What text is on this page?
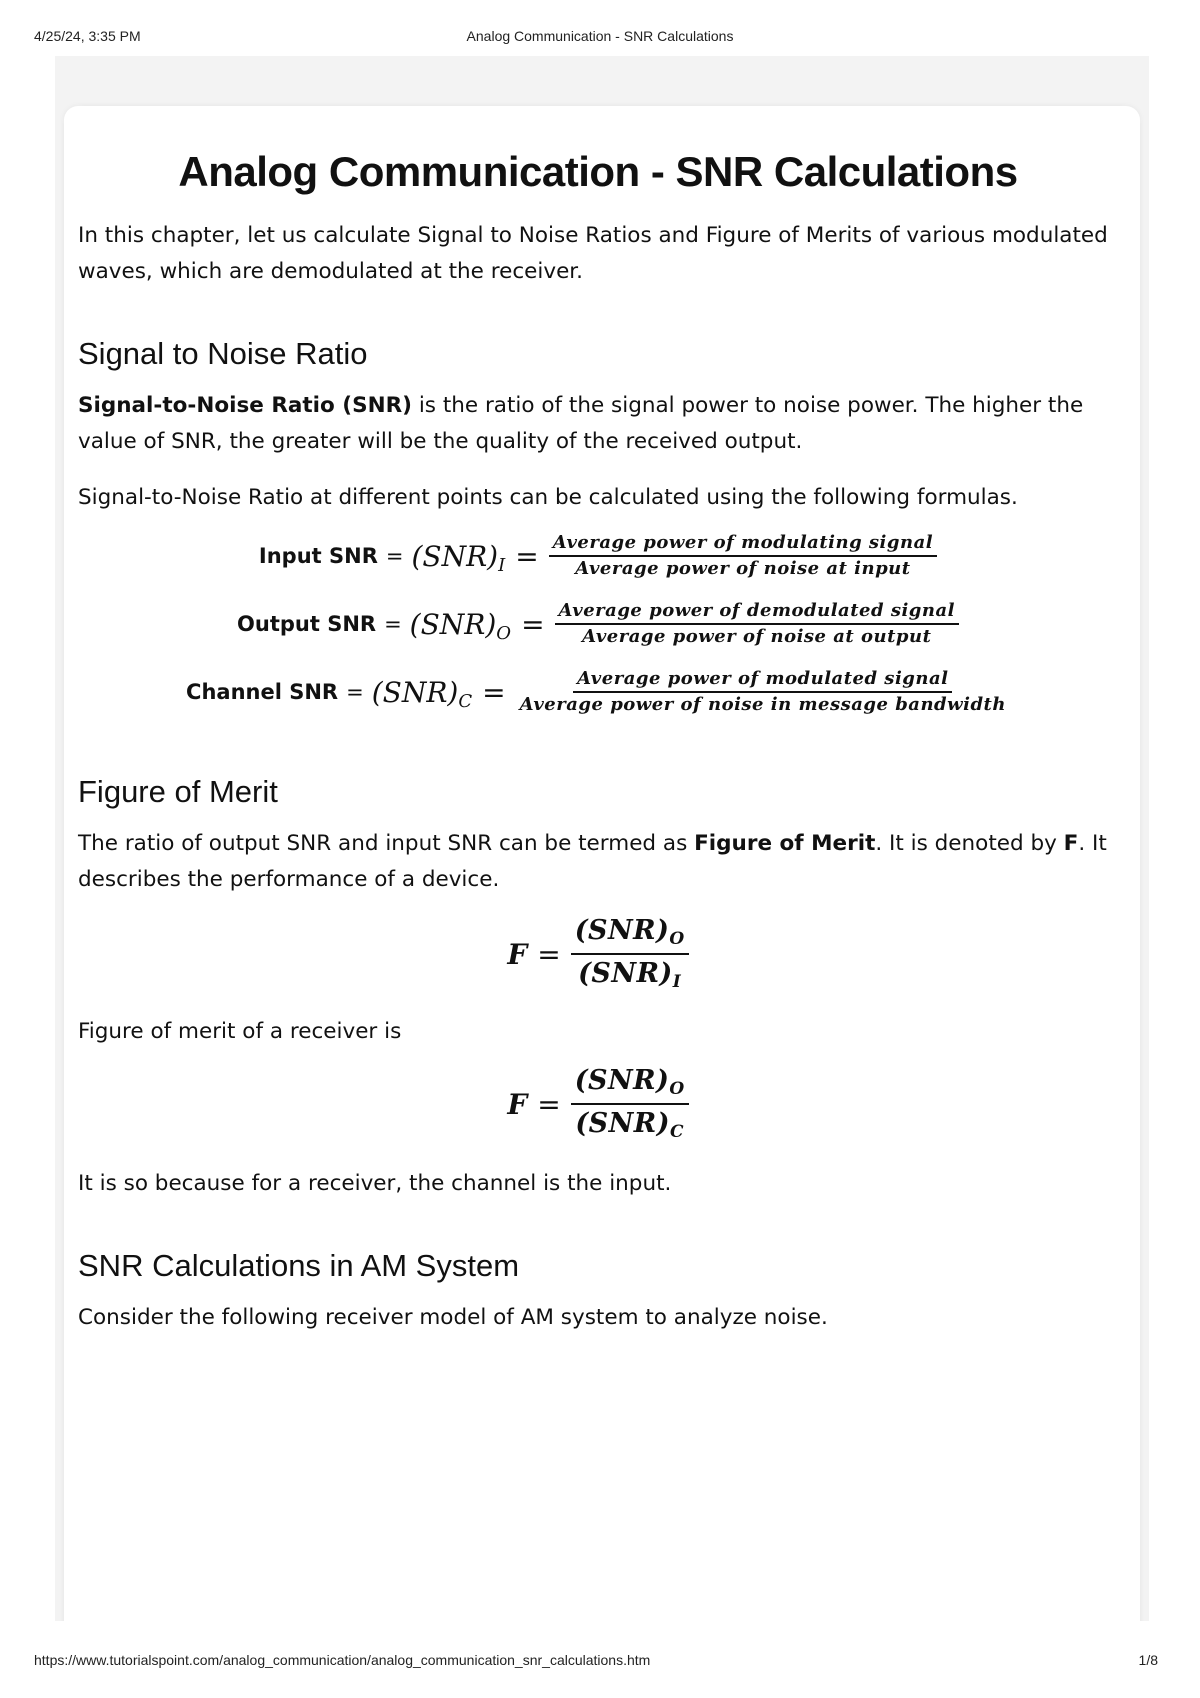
4/25/24, 3:35 PM	Analog Communication - SNR Calculations
Analog Communication - SNR Calculations

In this chapter, let us calculate Signal to Noise Ratios and Figure of Merits of various modulated waves, which are demodulated at the receiver.

Signal to Noise Ratio

Signal-to-Noise Ratio (SNR) is the ratio of the signal power to noise power. The higher the value of SNR, the greater will be the quality of the received output.

Signal-to-Noise Ratio at different points can be calculated using the following formulas.

Input SNR = $(SNR)_I = \frac{\text{Average power of modulating signal}}{\text{Average power of noise at input}}$
Output SNR = $(SNR)_O = \frac{\text{Average power of demodulated signal}}{\text{Average power of noise at output}}$
Channel SNR = $(SNR)_C = \frac{\text{Average power of modulated signal}}{\text{Average power of noise in message bandwidth}}$
Figure of Merit

The ratio of output SNR and input SNR can be termed as Figure of Merit. It is denoted by F. It describes the performance of a device.

$F = \frac{(SNR)_O}{(SNR)_I}$

Figure of merit of a receiver is

$F = \frac{(SNR)_O}{(SNR)_C}$

It is so because for a receiver, the channel is the input.

SNR Calculations in AM System

Consider the following receiver model of AM system to analyze noise.

https://www.tutorialspoint.com/analog_communication/analog_communication_snr_calculations.htm	1/8
